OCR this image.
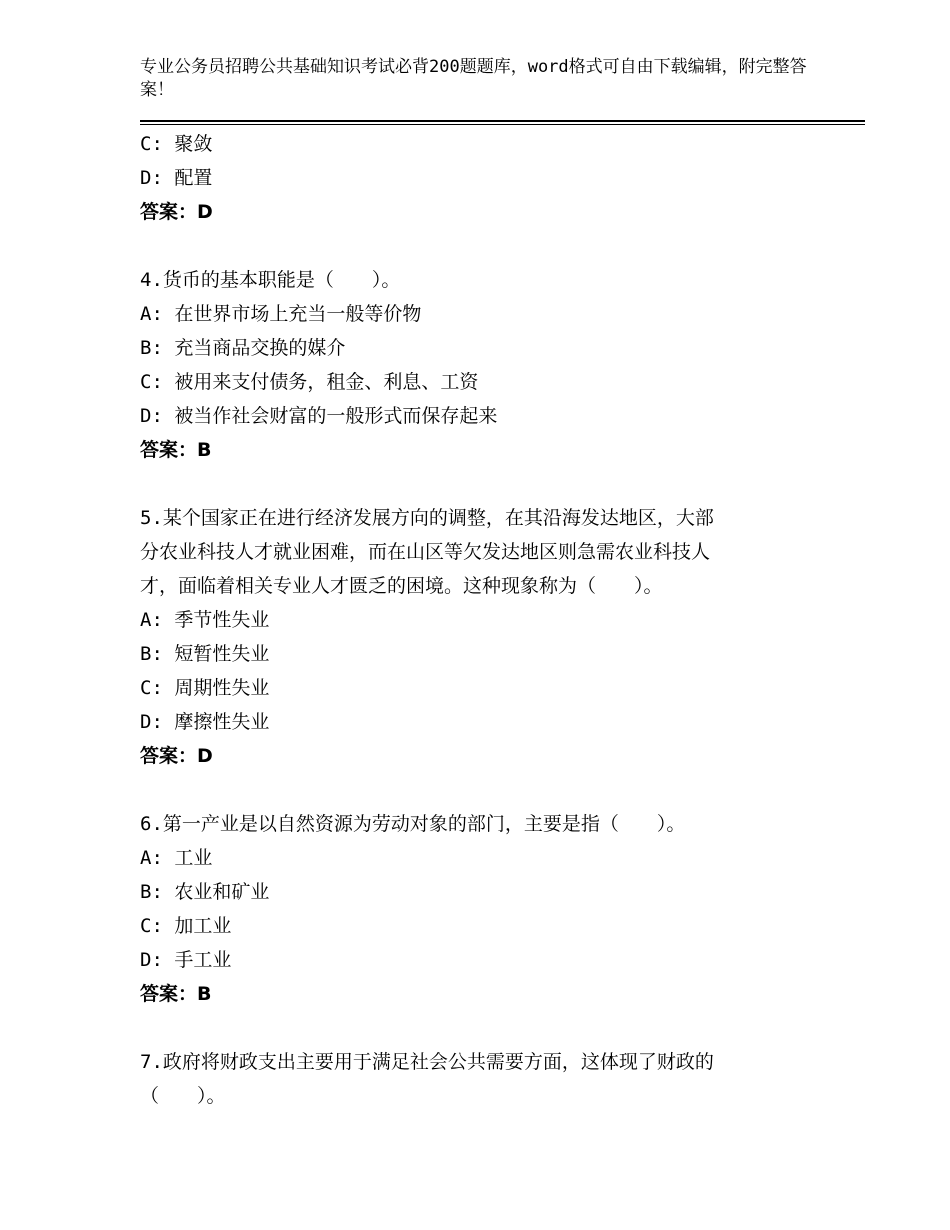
专业公务员招聘公共基础知识考试必背200题题库，word格式可自由下载编辑，附完整答案！
C: 聚敛
D: 配置
答案：D
4.货币的基本职能是（　　）。
A: 在世界市场上充当一般等价物
B: 充当商品交换的媒介
C: 被用来支付债务，租金、利息、工资
D: 被当作社会财富的一般形式而保存起来
答案：B
5.某个国家正在进行经济发展方向的调整，在其沿海发达地区，大部
分农业科技人才就业困难，而在山区等欠发达地区则急需农业科技人
才，面临着相关专业人才匮乏的困境。这种现象称为（　　）。
A: 季节性失业
B: 短暂性失业
C: 周期性失业
D: 摩擦性失业
答案：D
6.第一产业是以自然资源为劳动对象的部门，主要是指（　　）。
A: 工业
B: 农业和矿业
C: 加工业
D: 手工业
答案：B
7.政府将财政支出主要用于满足社会公共需要方面，这体现了财政的
（　　）。
